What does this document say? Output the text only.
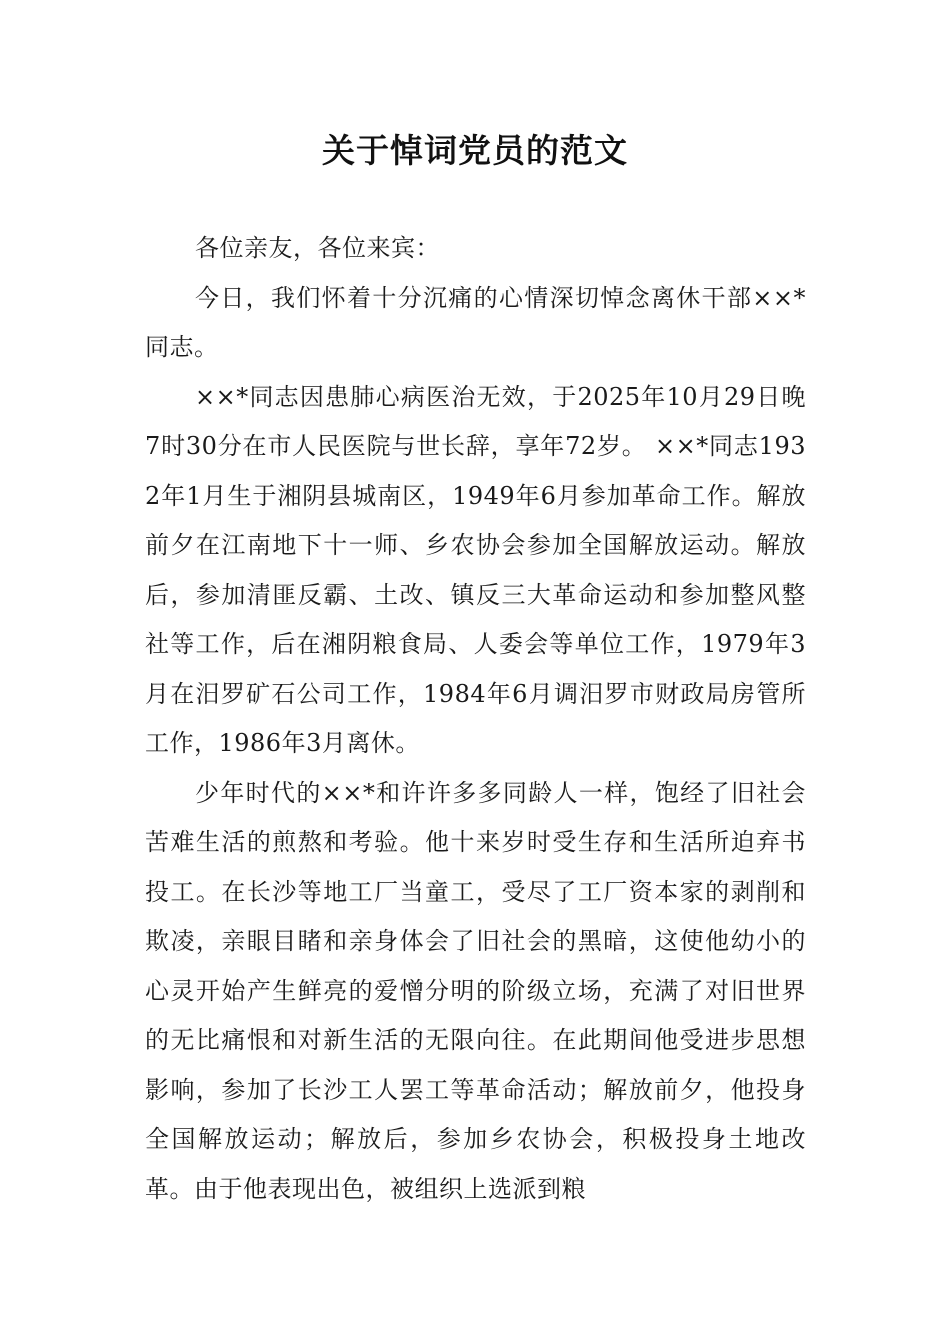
关于悼词党员的范文

各位亲友，各位来宾：

今日，我们怀着十分沉痛的心情深切悼念离休干部××*同志。

××*同志因患肺心病医治无效，于2025年10月29日晚7时30分在市人民医院与世长辞，享年72岁。 ××*同志1932年1月生于湘阴县城南区，1949年6月参加革命工作。解放前夕在江南地下十一师、乡农协会参加全国解放运动。解放后，参加清匪反霸、土改、镇反三大革命运动和参加整风整社等工作，后在湘阴粮食局、人委会等单位工作，1979年3月在汨罗矿石公司工作，1984年6月调汨罗市财政局房管所工作，1986年3月离休。

少年时代的××*和许许多多同龄人一样，饱经了旧社会苦难生活的煎熬和考验。他十来岁时受生存和生活所迫弃书投工。在长沙等地工厂当童工，受尽了工厂资本家的剥削和欺凌，亲眼目睹和亲身体会了旧社会的黑暗，这使他幼小的心灵开始产生鲜亮的爱憎分明的阶级立场，充满了对旧世界的无比痛恨和对新生活的无限向往。在此期间他受进步思想影响，参加了长沙工人罢工等革命活动；解放前夕，他投身全国解放运动；解放后，参加乡农协会，积极投身土地改革。由于他表现出色，被组织上选派到粮
